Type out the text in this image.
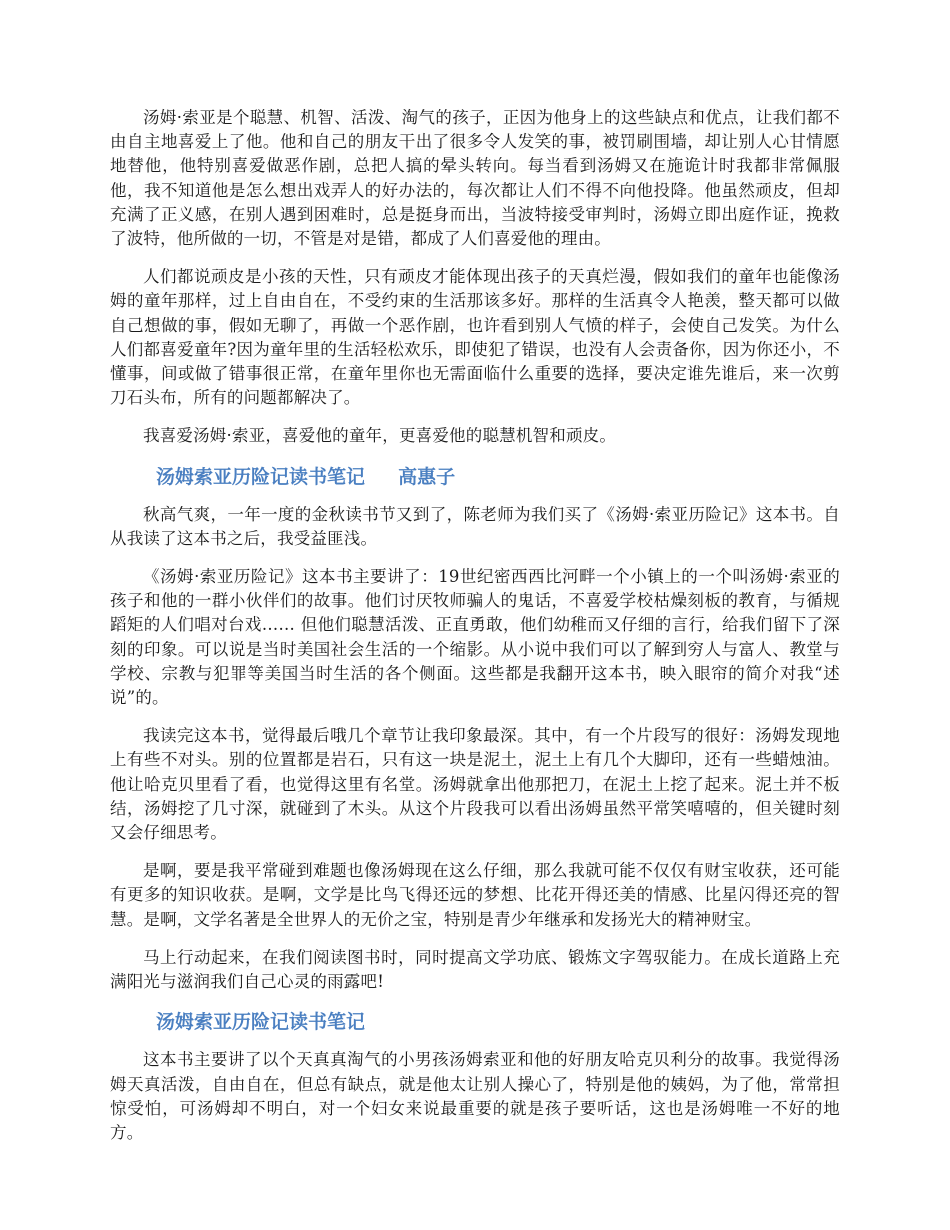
汤姆·索亚是个聪慧、机智、活泼、淘气的孩子，正因为他身上的这些缺点和优点，让我们都不由自主地喜爱上了他。他和自己的朋友干出了很多令人发笑的事，被罚刷围墙，却让别人心甘情愿地替他，他特别喜爱做恶作剧，总把人搞的晕头转向。每当看到汤姆又在施诡计时我都非常佩服他，我不知道他是怎么想出戏弄人的好办法的，每次都让人们不得不向他投降。他虽然顽皮，但却充满了正义感，在别人遇到困难时，总是挺身而出，当波特接受审判时，汤姆立即出庭作证，挽救了波特，他所做的一切，不管是对是错，都成了人们喜爱他的理由。

人们都说顽皮是小孩的天性，只有顽皮才能体现出孩子的天真烂漫，假如我们的童年也能像汤姆的童年那样，过上自由自在，不受约束的生活那该多好。那样的生活真令人艳羡，整天都可以做自己想做的事，假如无聊了，再做一个恶作剧，也许看到别人气愤的样子，会使自己发笑。为什么人们都喜爱童年?因为童年里的生活轻松欢乐，即使犯了错误，也没有人会责备你，因为你还小，不懂事，间或做了错事很正常，在童年里你也无需面临什么重要的选择，要决定谁先谁后，来一次剪刀石头布，所有的问题都解决了。

我喜爱汤姆·索亚，喜爱他的童年，更喜爱他的聪慧机智和顽皮。

汤姆索亚历险记读书笔记     高惠子

秋高气爽，一年一度的金秋读书节又到了，陈老师为我们买了《汤姆·索亚历险记》这本书。自从我读了这本书之后，我受益匪浅。

《汤姆·索亚历险记》这本书主要讲了：19世纪密西西比河畔一个小镇上的一个叫汤姆·索亚的孩子和他的一群小伙伴们的故事。他们讨厌牧师骗人的鬼话，不喜爱学校枯燥刻板的教育，与循规蹈矩的人们唱对台戏…… 但他们聪慧活泼、正直勇敢，他们幼稚而又仔细的言行，给我们留下了深刻的印象。可以说是当时美国社会生活的一个缩影。从小说中我们可以了解到穷人与富人、教堂与学校、宗教与犯罪等美国当时生活的各个侧面。这些都是我翻开这本书，映入眼帘的简介对我“述说”的。

我读完这本书，觉得最后哦几个章节让我印象最深。其中，有一个片段写的很好：汤姆发现地上有些不对头。别的位置都是岩石，只有这一块是泥土，泥土上有几个大脚印，还有一些蜡烛油。他让哈克贝里看了看，也觉得这里有名堂。汤姆就拿出他那把刀，在泥土上挖了起来。泥土并不板结，汤姆挖了几寸深，就碰到了木头。从这个片段我可以看出汤姆虽然平常笑嘻嘻的，但关键时刻又会仔细思考。

是啊，要是我平常碰到难题也像汤姆现在这么仔细，那么我就可能不仅仅有财宝收获，还可能有更多的知识收获。是啊，文学是比鸟飞得还远的梦想、比花开得还美的情感、比星闪得还亮的智慧。是啊，文学名著是全世界人的无价之宝，特别是青少年继承和发扬光大的精神财宝。

马上行动起来，在我们阅读图书时，同时提高文学功底、锻炼文字驾驭能力。在成长道路上充满阳光与滋润我们自己心灵的雨露吧!

汤姆索亚历险记读书笔记

这本书主要讲了以个天真真淘气的小男孩汤姆索亚和他的好朋友哈克贝利分的故事。我觉得汤姆天真活泼，自由自在，但总有缺点，就是他太让别人操心了，特别是他的姨妈，为了他，常常担惊受怕，可汤姆却不明白，对一个妇女来说最重要的就是孩子要听话，这也是汤姆唯一不好的地方。
